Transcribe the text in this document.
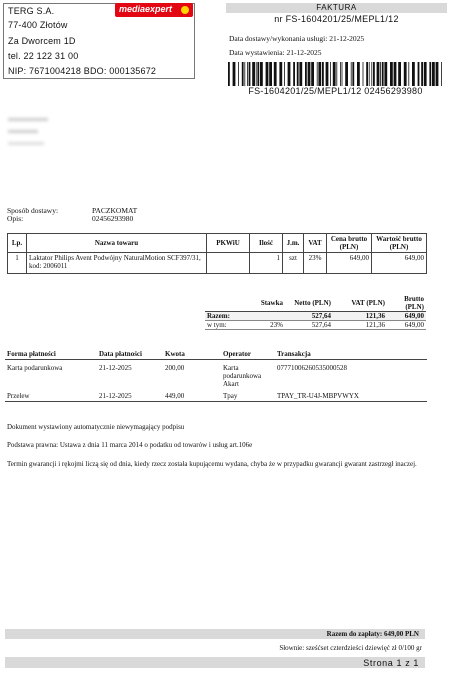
TERG S.A.
77-400 Złotów
Za Dworcem 1D
tel. 22 122 31 00
NIP: 7671004218 BDO: 000135672
mediaexpert	FAKTURA
nr FS-1604201/25/MEPL1/12
Data dostawy/wykonania usługi: 21-12-2025
Data wystawienia: 21-12-2025
FS-1604201/25/MEPL1/12 02456293980
Sposób dostawy:	PACZKOMAT
Opis:	02456293980
Lp.	Nazwa towaru	PKWiU	Ilość	J.m.	VAT	Cena brutto (PLN)	Wartość brutto (PLN)
1	Laktator Philips Avent Podwójny NaturalMotion SCF397/31, kod: 2006011		1	szt	23%	649,00	649,00
	Stawka	Netto (PLN)	VAT (PLN)	Brutto (PLN)
Razem:		527,64	121,36	649,00
w tym:	23%	527,64	121,36	649,00
Forma płatności	Data płatności	Kwota	Operator	Transakcja
Karta podarunkowa	21-12-2025	200,00	Karta podarunkowa Akart	07771006260535000528
Przelew	21-12-2025	449,00	Tpay	TPAY_TR-U4J-MBPVWYX
Dokument wystawiony automatycznie niewymagający podpisu
Podstawa prawna: Ustawa z dnia 11 marca 2014 o podatku od towarów i usług art.106e
Termin gwarancji i rękojmi liczą się od dnia, kiedy rzecz została kupującemu wydana, chyba że w przypadku gwarancji gwarant zastrzegł inaczej.
Razem do zapłaty: 649,00 PLN
Słownie: sześćset czterdzieści dziewięć zł 0/100 gr
Strona 1 z 1
